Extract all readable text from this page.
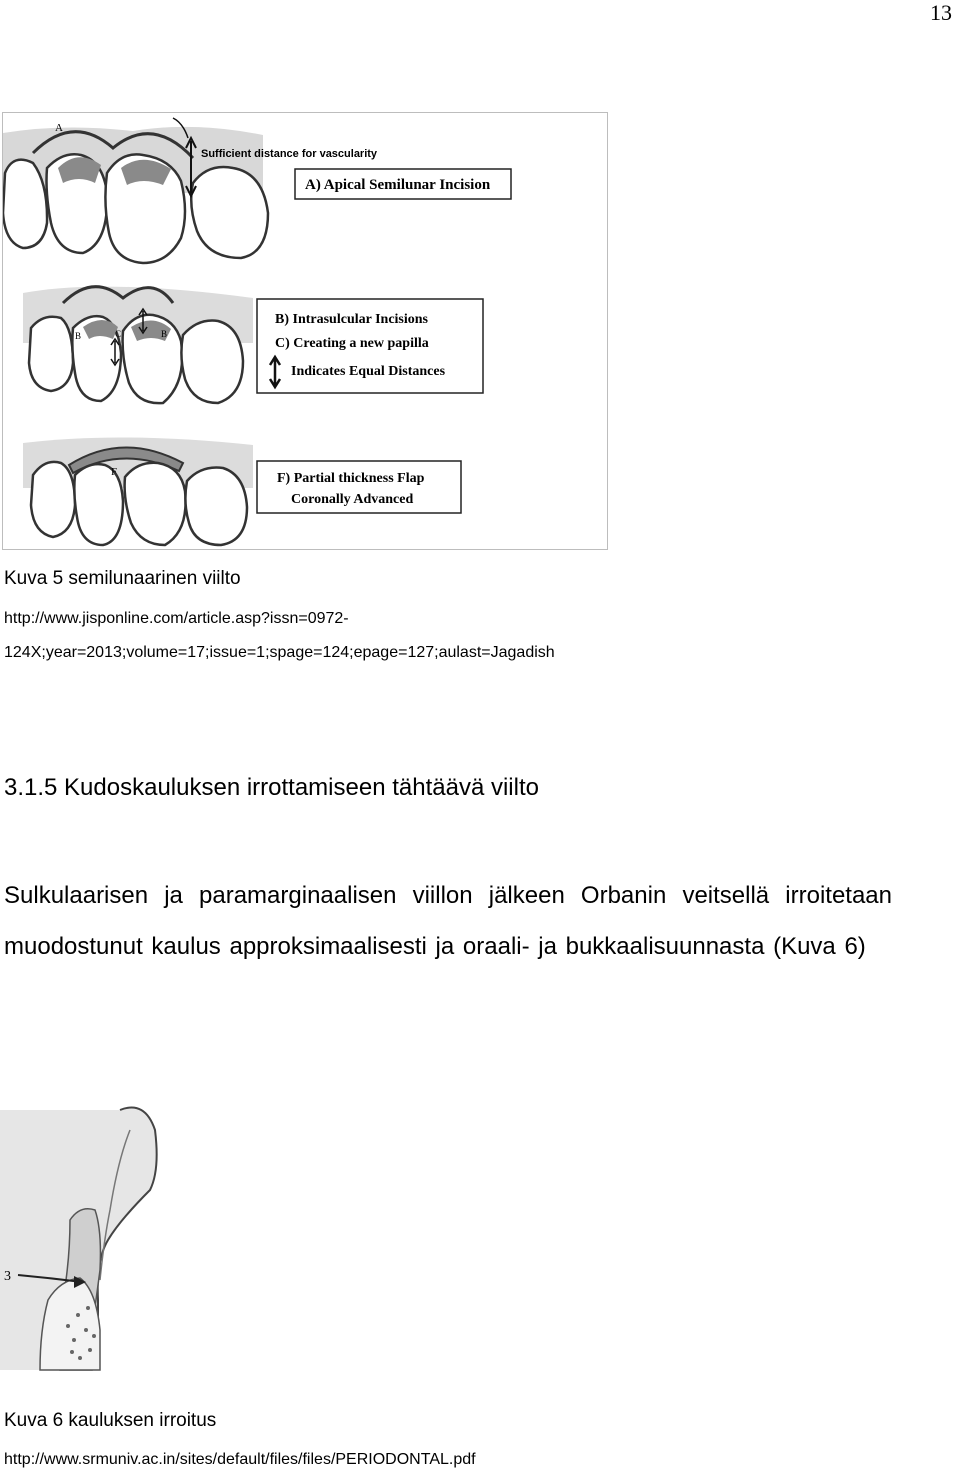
13
A
Sufficient distance for vascularity
A) Apical Semilunar Incision
B	C	B
B) Intrasulcular Incisions
C) Creating a new papilla
Indicates Equal Distances
F	F) Partial thickness Flap
Coronally Advanced
Kuva 5 semilunaarinen viilto
http://www.jisponline.com/article.asp?issn=0972-
124X;year=2013;volume=17;issue=1;spage=124;epage=127;aulast=Jagadish
3.1.5 Kudoskauluksen irrottamiseen tähtäävä viilto
Sulkulaarisen ja paramarginaalisen viillon jälkeen Orbanin veitsellä irroitetaan muodostunut kaulus approksimaalisesti ja oraali- ja bukkaalisuunnasta (Kuva 6)
3
Kuva 6 kauluksen irroitus
http://www.srmuniv.ac.in/sites/default/files/files/PERIODONTAL.pdf
